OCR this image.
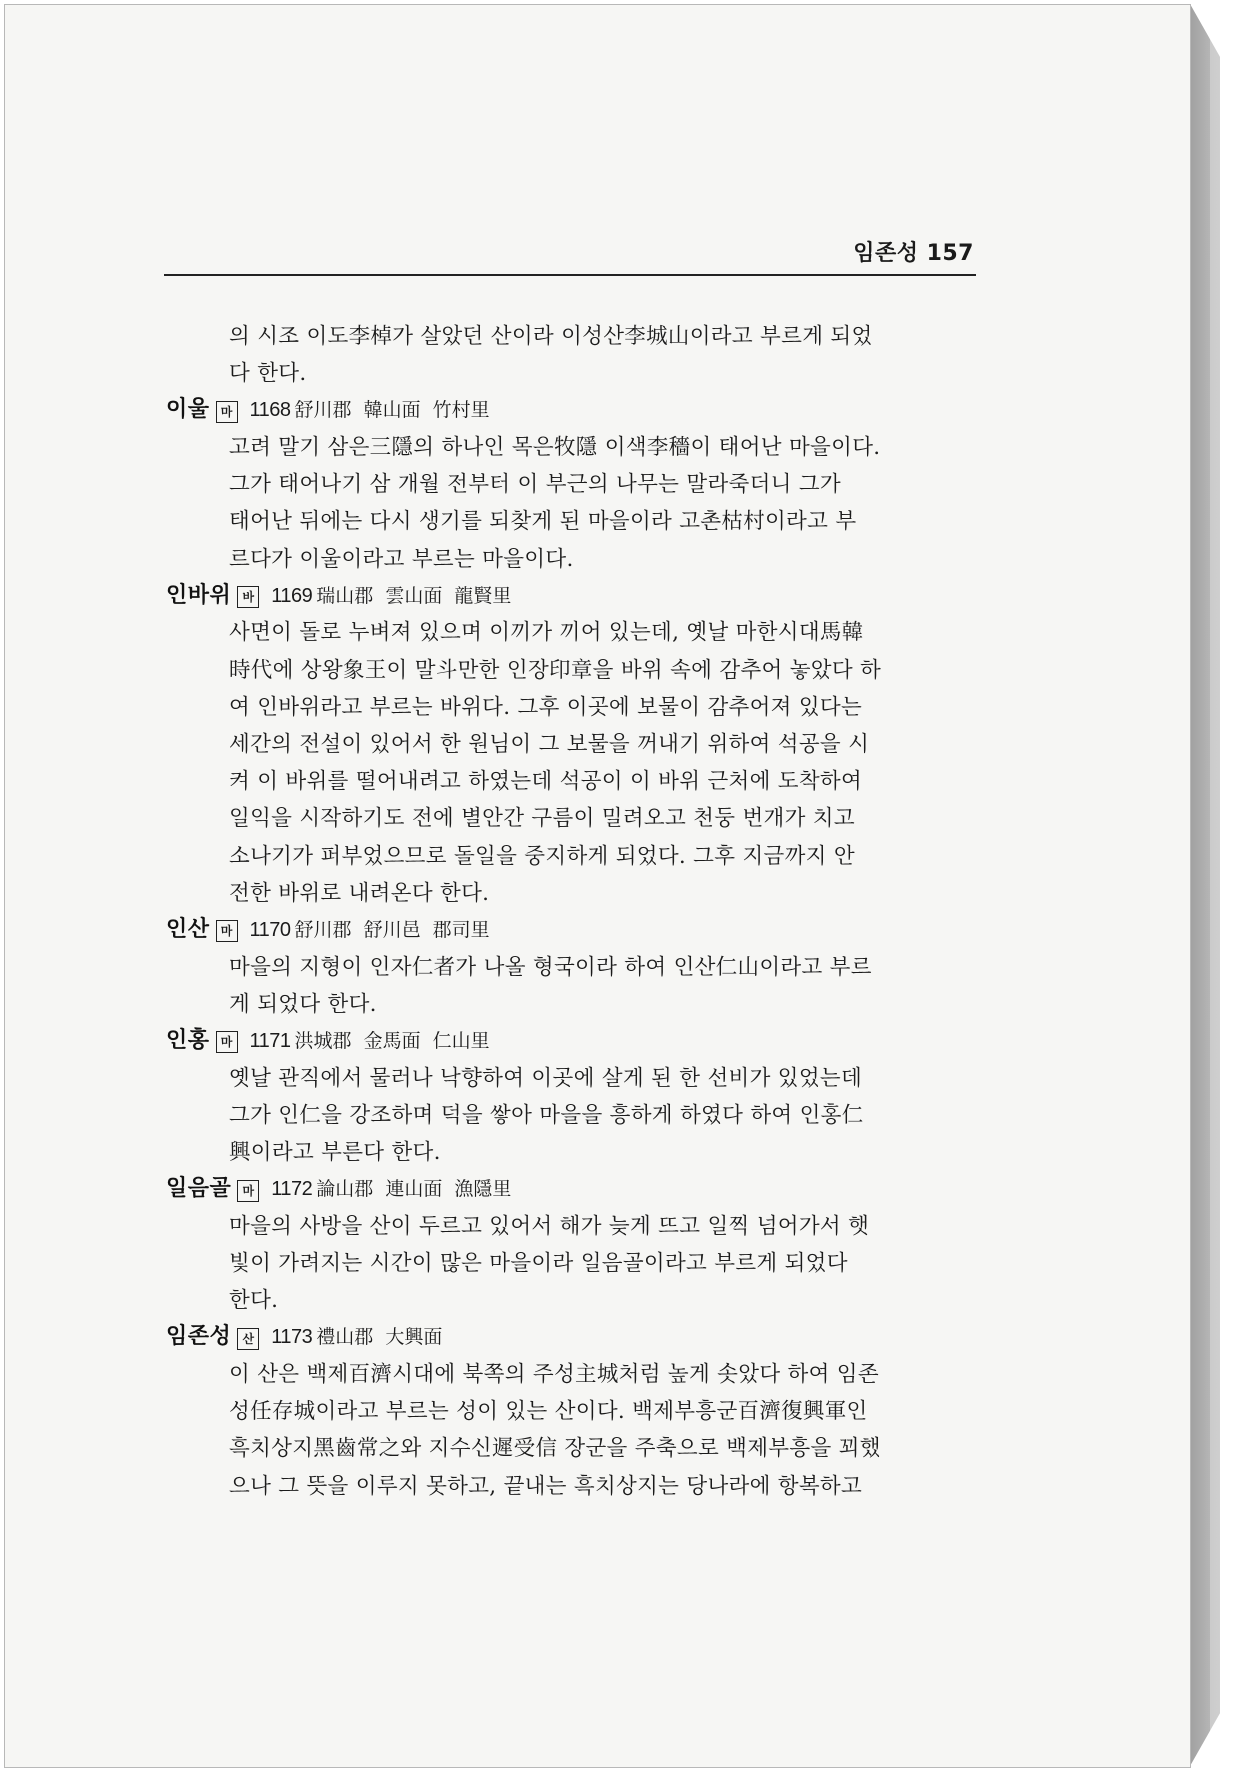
임존성 157

의 시조 이도李棹가 살았던 산이라 이성산李城山이라고 부르게 되었
다 한다.

이울 마 1168 舒川郡 韓山面 竹村里

고려 말기 삼은三隱의 하나인 목은牧隱 이색李穡이 태어난 마을이다.
그가 태어나기 삼 개월 전부터 이 부근의 나무는 말라죽더니 그가
태어난 뒤에는 다시 생기를 되찾게 된 마을이라 고촌枯村이라고 부
르다가 이울이라고 부르는 마을이다.

인바위 바 1169 瑞山郡 雲山面 龍賢里

사면이 돌로 누벼져 있으며 이끼가 끼어 있는데, 옛날 마한시대馬韓
時代에 상왕象王이 말斗만한 인장印章을 바위 속에 감추어 놓았다 하
여 인바위라고 부르는 바위다. 그후 이곳에 보물이 감추어져 있다는
세간의 전설이 있어서 한 원님이 그 보물을 꺼내기 위하여 석공을 시
켜 이 바위를 떨어내려고 하였는데 석공이 이 바위 근처에 도착하여
일익을 시작하기도 전에 별안간 구름이 밀려오고 천둥 번개가 치고
소나기가 퍼부었으므로 돌일을 중지하게 되었다. 그후 지금까지 안
전한 바위로 내려온다 한다.

인산 마 1170 舒川郡 舒川邑 郡司里

마을의 지형이 인자仁者가 나올 형국이라 하여 인산仁山이라고 부르
게 되었다 한다.

인홍 마 1171 洪城郡 金馬面 仁山里

옛날 관직에서 물러나 낙향하여 이곳에 살게 된 한 선비가 있었는데
그가 인仁을 강조하며 덕을 쌓아 마을을 흥하게 하였다 하여 인홍仁
興이라고 부른다 한다.

일음골 마 1172 論山郡 連山面 漁隱里

마을의 사방을 산이 두르고 있어서 해가 늦게 뜨고 일찍 넘어가서 햇
빛이 가려지는 시간이 많은 마을이라 일음골이라고 부르게 되었다
한다.

임존성 산 1173 禮山郡 大興面

이 산은 백제百濟시대에 북쪽의 주성主城처럼 높게 솟았다 하여 임존
성任存城이라고 부르는 성이 있는 산이다. 백제부흥군百濟復興軍인
흑치상지黑齒常之와 지수신遲受信 장군을 주축으로 백제부흥을 꾀했
으나 그 뜻을 이루지 못하고, 끝내는 흑치상지는 당나라에 항복하고
